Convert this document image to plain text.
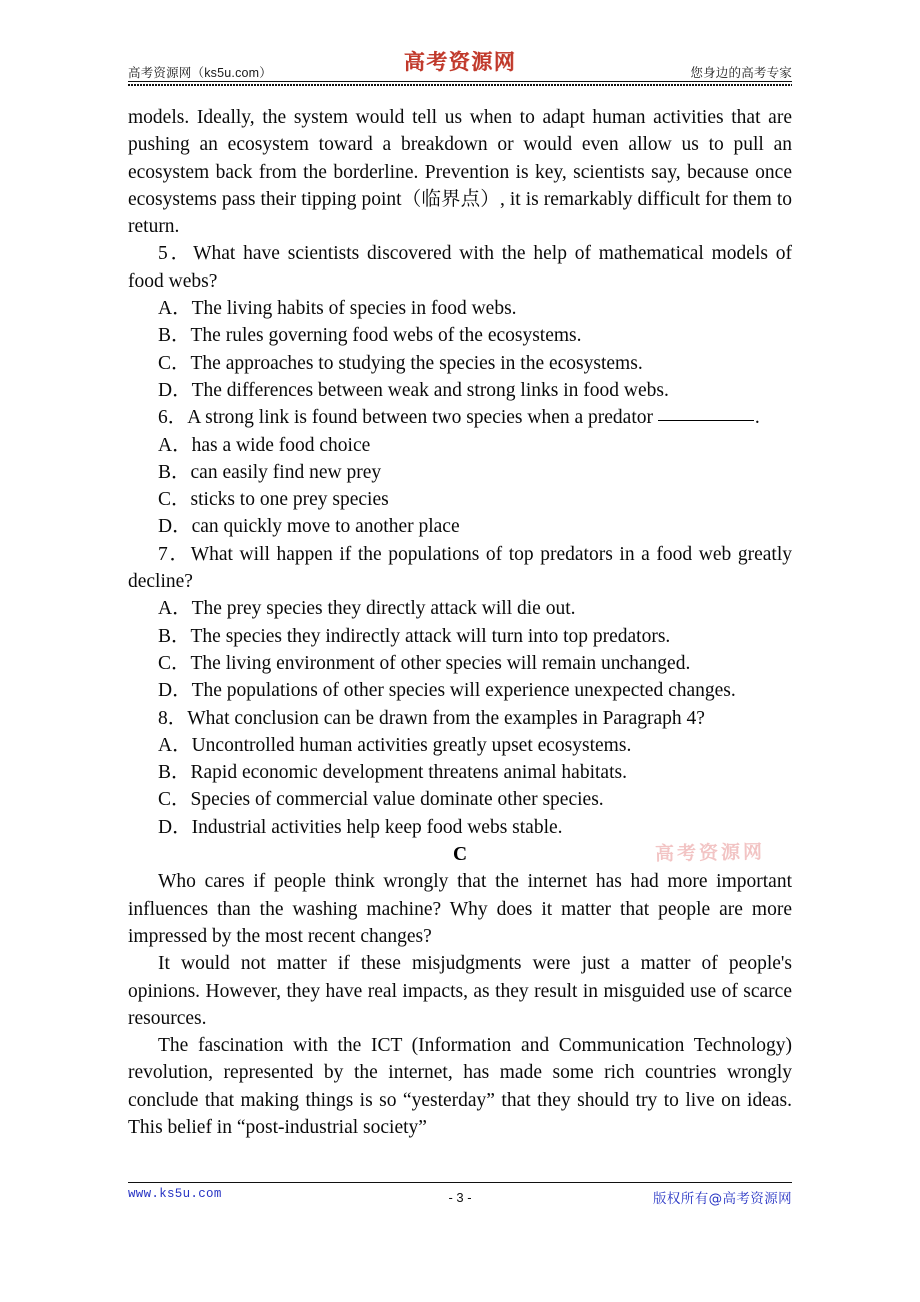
高考资源网（ks5u.com）	高考资源网	您身边的高考专家

models. Ideally, the system would tell us when to adapt human activities that are pushing an ecosystem toward a breakdown or would even allow us to pull an ecosystem back from the borderline. Prevention is key, scientists say, because once ecosystems pass their tipping point（临界点）, it is remarkably difficult for them to return.

5．What have scientists discovered with the help of mathematical models of food webs?

A．The living habits of species in food webs.

B．The rules governing food webs of the ecosystems.

C．The approaches to studying the species in the ecosystems.

D．The differences between weak and strong links in food webs.

6．A strong link is found between two species when a predator	.

A．has a wide food choice

B．can easily find new prey

C．sticks to one prey species

D．can quickly move to another place

7．What will happen if the populations of top predators in a food web greatly decline?

A．The prey species they directly attack will die out.

B．The species they indirectly attack will turn into top predators.

C．The living environment of other species will remain unchanged.

D．The populations of other species will experience unexpected changes.

8．What conclusion can be drawn from the examples in Paragraph 4?

A．Uncontrolled human activities greatly upset ecosystems.

B．Rapid economic development threatens animal habitats.

C．Species of commercial value dominate other species.

D．Industrial activities help keep food webs stable.

C

Who cares if people think wrongly that the internet has had more important influences than the washing machine? Why does it matter that people are more impressed by the most recent changes?

It would not matter if these misjudgments were just a matter of people's opinions. However, they have real impacts, as they result in misguided use of scarce resources.

The fascination with the ICT (Information and Communication Technology) revolution, represented by the internet, has made some rich countries wrongly conclude that making things is so “yesterday” that they should try to live on ideas. This belief in “post-industrial society”

高考资源网
www.ks5u.com	- 3 -	版权所有@高考资源网
